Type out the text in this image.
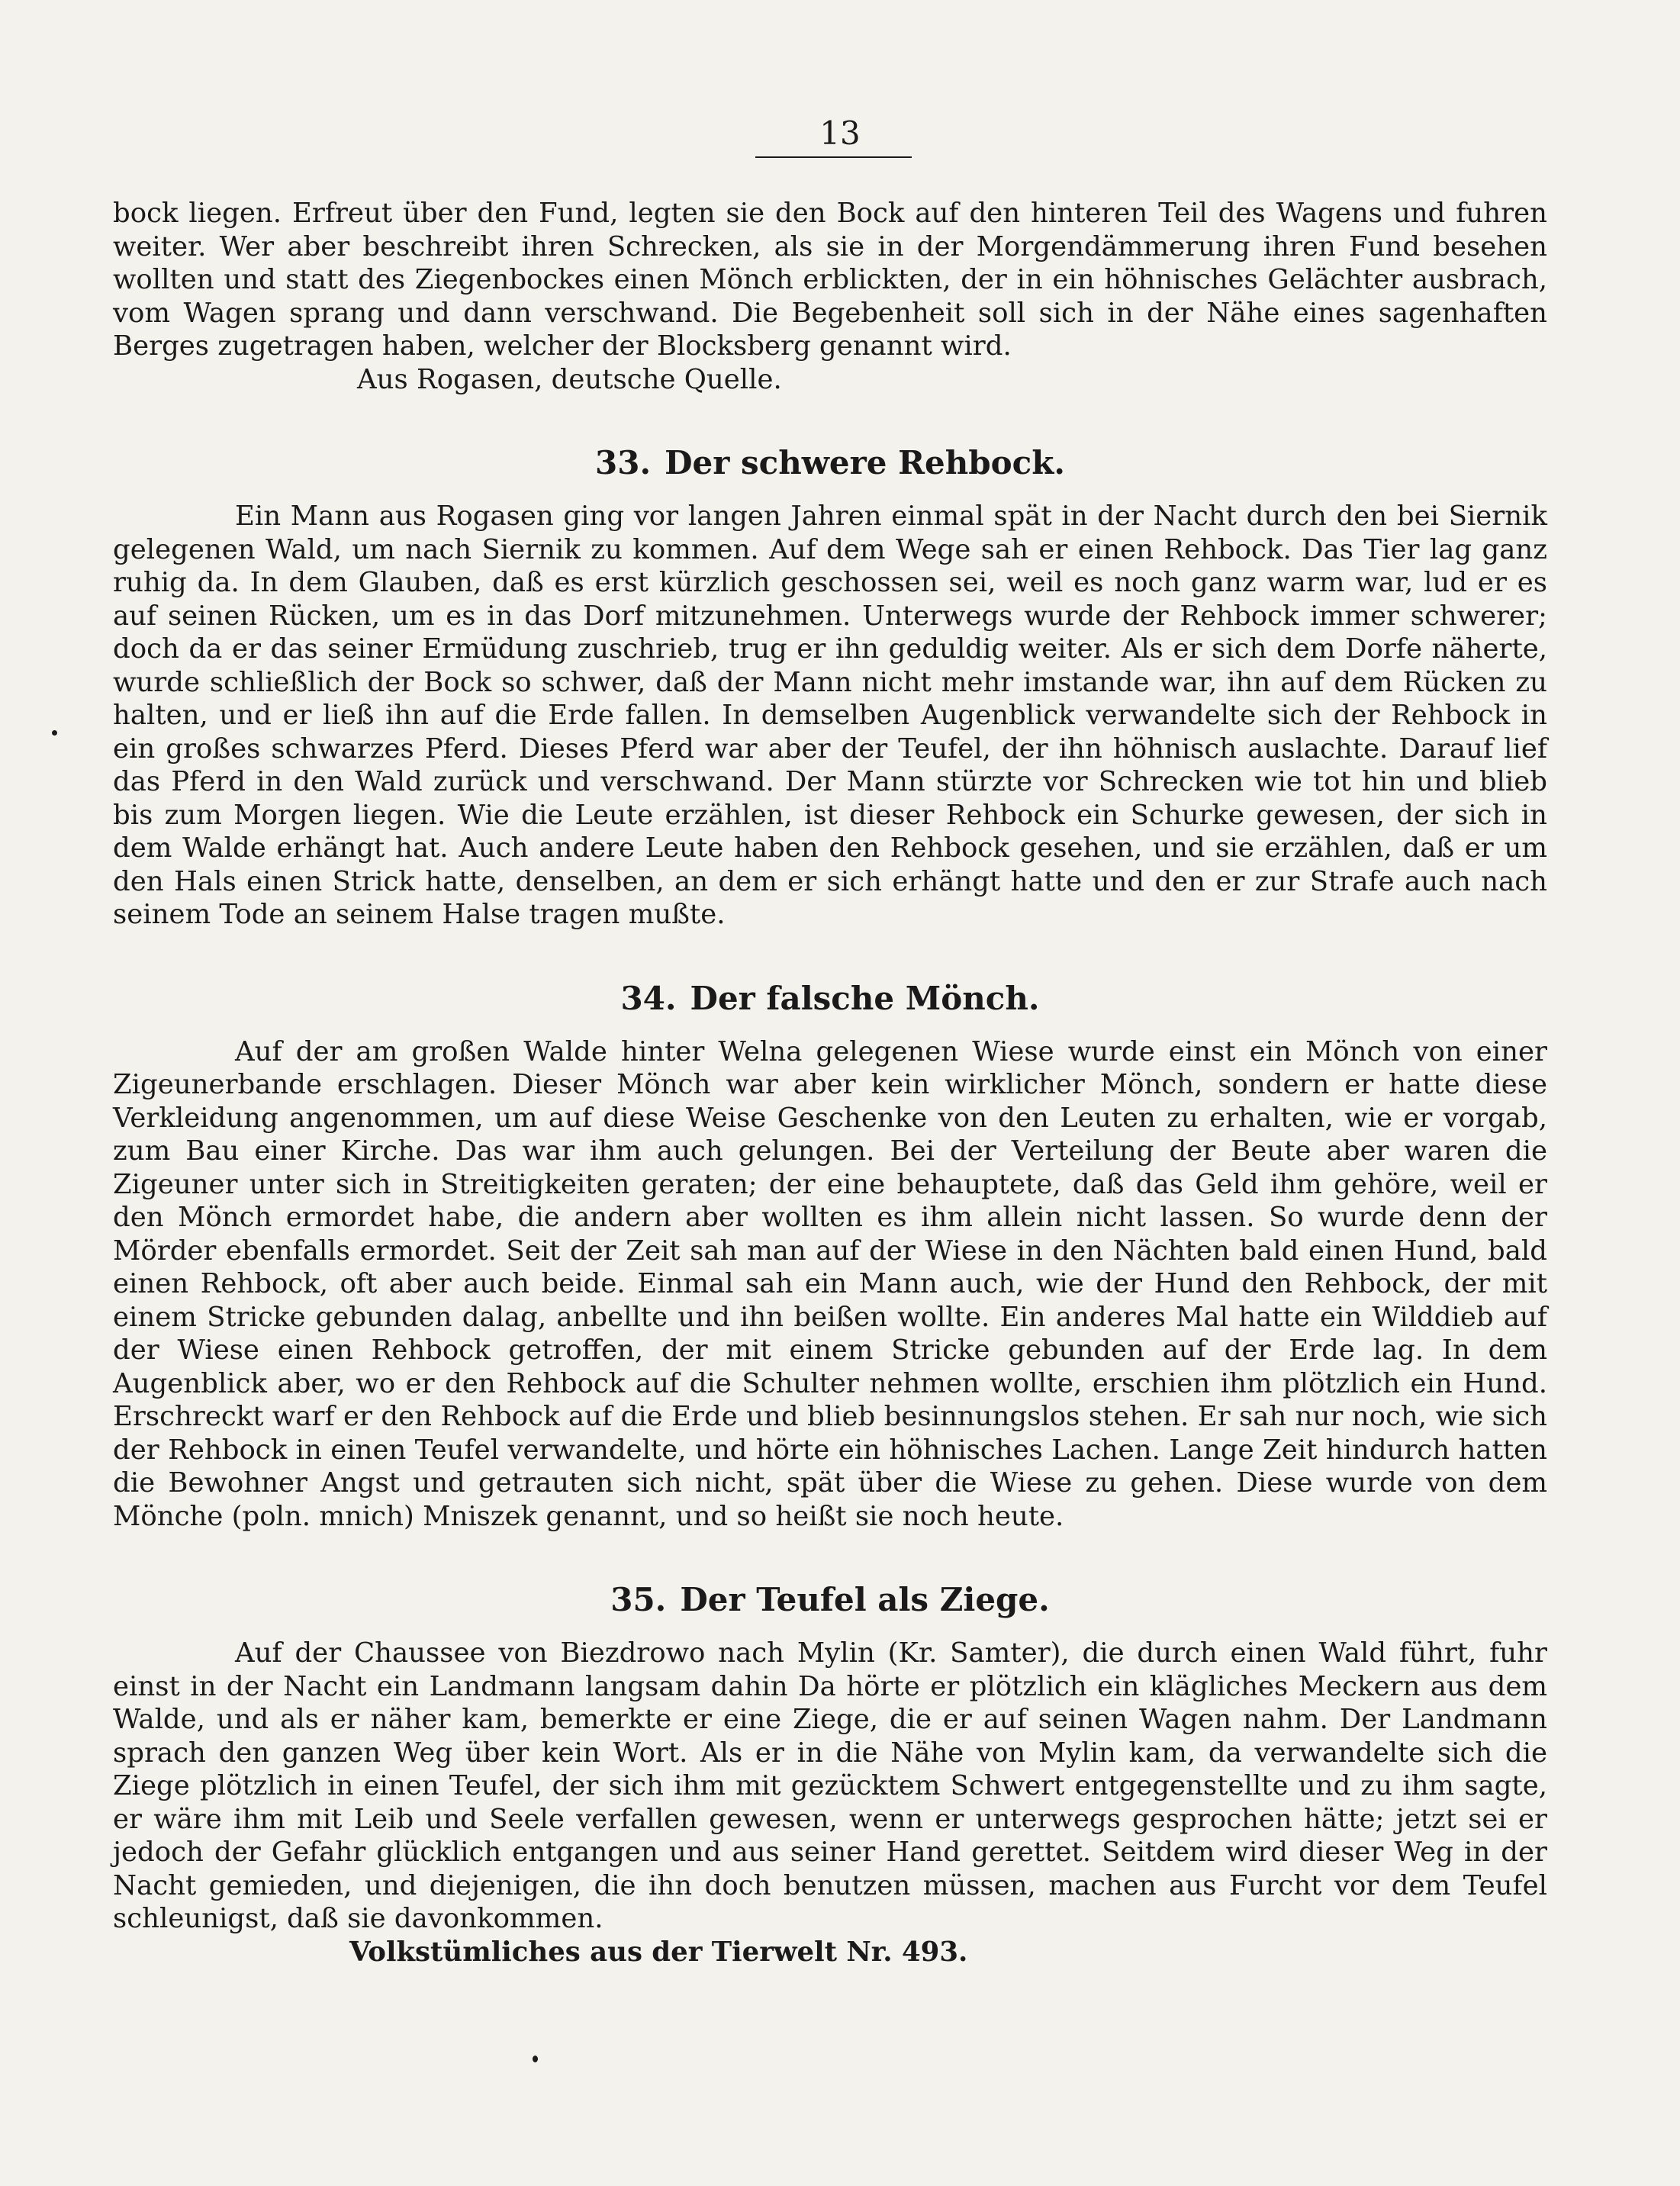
13

bock liegen. Erfreut über den Fund, legten sie den Bock auf den hinteren Teil des Wagens und fuhren weiter. Wer aber beschreibt ihren Schrecken, als sie in der Morgendämmerung ihren Fund besehen wollten und statt des Ziegenbockes einen Mönch erblickten, der in ein höhnisches Gelächter ausbrach, vom Wagen sprang und dann verschwand. Die Begebenheit soll sich in der Nähe eines sagenhaften Berges zugetragen haben, welcher der Blocksberg genannt wird.

Aus Rogasen, deutsche Quelle.

33. Der schwere Rehbock.

Ein Mann aus Rogasen ging vor langen Jahren einmal spät in der Nacht durch den bei Siernik gelegenen Wald, um nach Siernik zu kommen. Auf dem Wege sah er einen Rehbock. Das Tier lag ganz ruhig da. In dem Glauben, daß es erst kürzlich geschossen sei, weil es noch ganz warm war, lud er es auf seinen Rücken, um es in das Dorf mitzunehmen. Unterwegs wurde der Rehbock immer schwerer; doch da er das seiner Ermüdung zuschrieb, trug er ihn geduldig weiter. Als er sich dem Dorfe näherte, wurde schließlich der Bock so schwer, daß der Mann nicht mehr imstande war, ihn auf dem Rücken zu halten, und er ließ ihn auf die Erde fallen. In demselben Augenblick verwandelte sich der Rehbock in ein großes schwarzes Pferd. Dieses Pferd war aber der Teufel, der ihn höhnisch auslachte. Darauf lief das Pferd in den Wald zurück und verschwand. Der Mann stürzte vor Schrecken wie tot hin und blieb bis zum Morgen liegen. Wie die Leute erzählen, ist dieser Rehbock ein Schurke gewesen, der sich in dem Walde erhängt hat. Auch andere Leute haben den Rehbock gesehen, und sie erzählen, daß er um den Hals einen Strick hatte, denselben, an dem er sich erhängt hatte und den er zur Strafe auch nach seinem Tode an seinem Halse tragen mußte.

34. Der falsche Mönch.

Auf der am großen Walde hinter Welna gelegenen Wiese wurde einst ein Mönch von einer Zigeunerbande erschlagen. Dieser Mönch war aber kein wirklicher Mönch, sondern er hatte diese Verkleidung angenommen, um auf diese Weise Geschenke von den Leuten zu erhalten, wie er vorgab, zum Bau einer Kirche. Das war ihm auch gelungen. Bei der Verteilung der Beute aber waren die Zigeuner unter sich in Streitigkeiten geraten; der eine behauptete, daß das Geld ihm gehöre, weil er den Mönch ermordet habe, die andern aber wollten es ihm allein nicht lassen. So wurde denn der Mörder ebenfalls ermordet. Seit der Zeit sah man auf der Wiese in den Nächten bald einen Hund, bald einen Rehbock, oft aber auch beide. Einmal sah ein Mann auch, wie der Hund den Rehbock, der mit einem Stricke gebunden dalag, anbellte und ihn beißen wollte. Ein anderes Mal hatte ein Wilddieb auf der Wiese einen Rehbock getroffen, der mit einem Stricke gebunden auf der Erde lag. In dem Augenblick aber, wo er den Rehbock auf die Schulter nehmen wollte, erschien ihm plötzlich ein Hund. Erschreckt warf er den Rehbock auf die Erde und blieb besinnungslos stehen. Er sah nur noch, wie sich der Rehbock in einen Teufel verwandelte, und hörte ein höhnisches Lachen. Lange Zeit hindurch hatten die Bewohner Angst und getrauten sich nicht, spät über die Wiese zu gehen. Diese wurde von dem Mönche (poln. mnich) Mniszek genannt, und so heißt sie noch heute.

35. Der Teufel als Ziege.

Auf der Chaussee von Biezdrowo nach Mylin (Kr. Samter), die durch einen Wald führt, fuhr einst in der Nacht ein Landmann langsam dahin Da hörte er plötzlich ein klägliches Meckern aus dem Walde, und als er näher kam, bemerkte er eine Ziege, die er auf seinen Wagen nahm. Der Landmann sprach den ganzen Weg über kein Wort. Als er in die Nähe von Mylin kam, da verwandelte sich die Ziege plötzlich in einen Teufel, der sich ihm mit gezücktem Schwert entgegenstellte und zu ihm sagte, er wäre ihm mit Leib und Seele verfallen gewesen, wenn er unterwegs gesprochen hätte; jetzt sei er jedoch der Gefahr glücklich entgangen und aus seiner Hand gerettet. Seitdem wird dieser Weg in der Nacht gemieden, und diejenigen, die ihn doch benutzen müssen, machen aus Furcht vor dem Teufel schleunigst, daß sie davonkommen.

Volkstümliches aus der Tierwelt Nr. 493.
